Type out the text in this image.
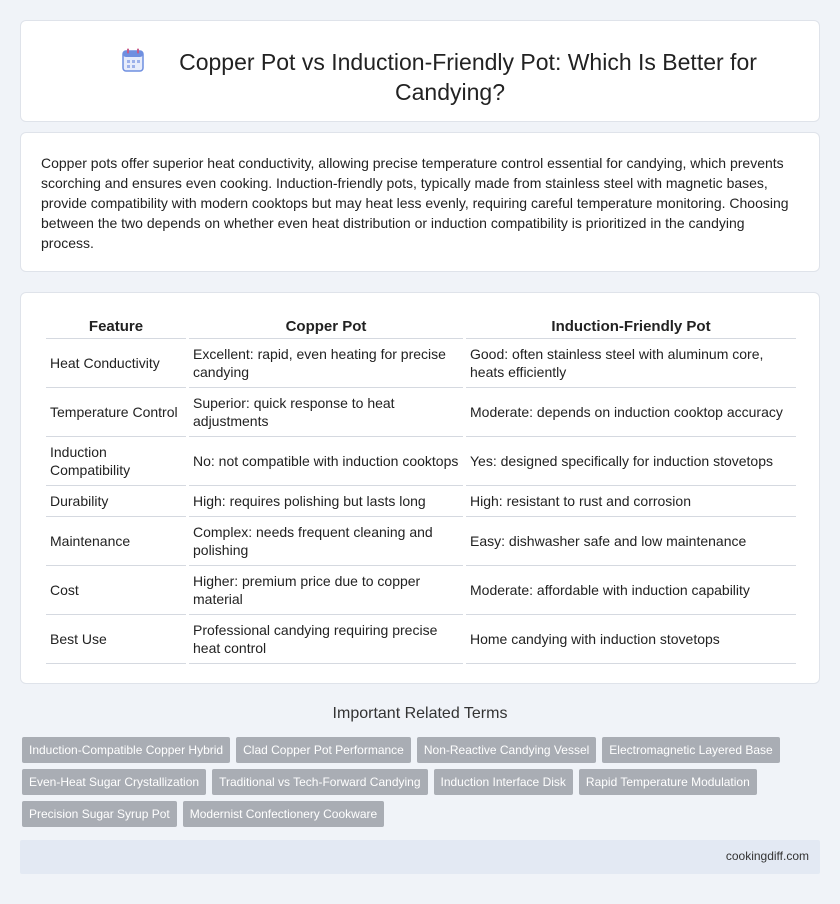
Copper Pot vs Induction-Friendly Pot: Which Is Better for Candying?

Copper pots offer superior heat conductivity, allowing precise temperature control essential for candying, which prevents scorching and ensures even cooking. Induction-friendly pots, typically made from stainless steel with magnetic bases, provide compatibility with modern cooktops but may heat less evenly, requiring careful temperature monitoring. Choosing between the two depends on whether even heat distribution or induction compatibility is prioritized in the candying process.

Feature	Copper Pot	Induction-Friendly Pot
Heat Conductivity	Excellent: rapid, even heating for precise candying	Good: often stainless steel with aluminum core, heats efficiently
Temperature Control	Superior: quick response to heat adjustments	Moderate: depends on induction cooktop accuracy
Induction Compatibility	No: not compatible with induction cooktops	Yes: designed specifically for induction stovetops
Durability	High: requires polishing but lasts long	High: resistant to rust and corrosion
Maintenance	Complex: needs frequent cleaning and polishing	Easy: dishwasher safe and low maintenance
Cost	Higher: premium price due to copper material	Moderate: affordable with induction capability
Best Use	Professional candying requiring precise heat control	Home candying with induction stovetops
Important Related Terms
Induction-Compatible Copper Hybrid	Clad Copper Pot Performance	Non-Reactive Candying Vessel	Electromagnetic Layered Base
Even-Heat Sugar Crystallization	Traditional vs Tech-Forward Candying	Induction Interface Disk	Rapid Temperature Modulation
Precision Sugar Syrup Pot	Modernist Confectionery Cookware
cookingdiff.com
